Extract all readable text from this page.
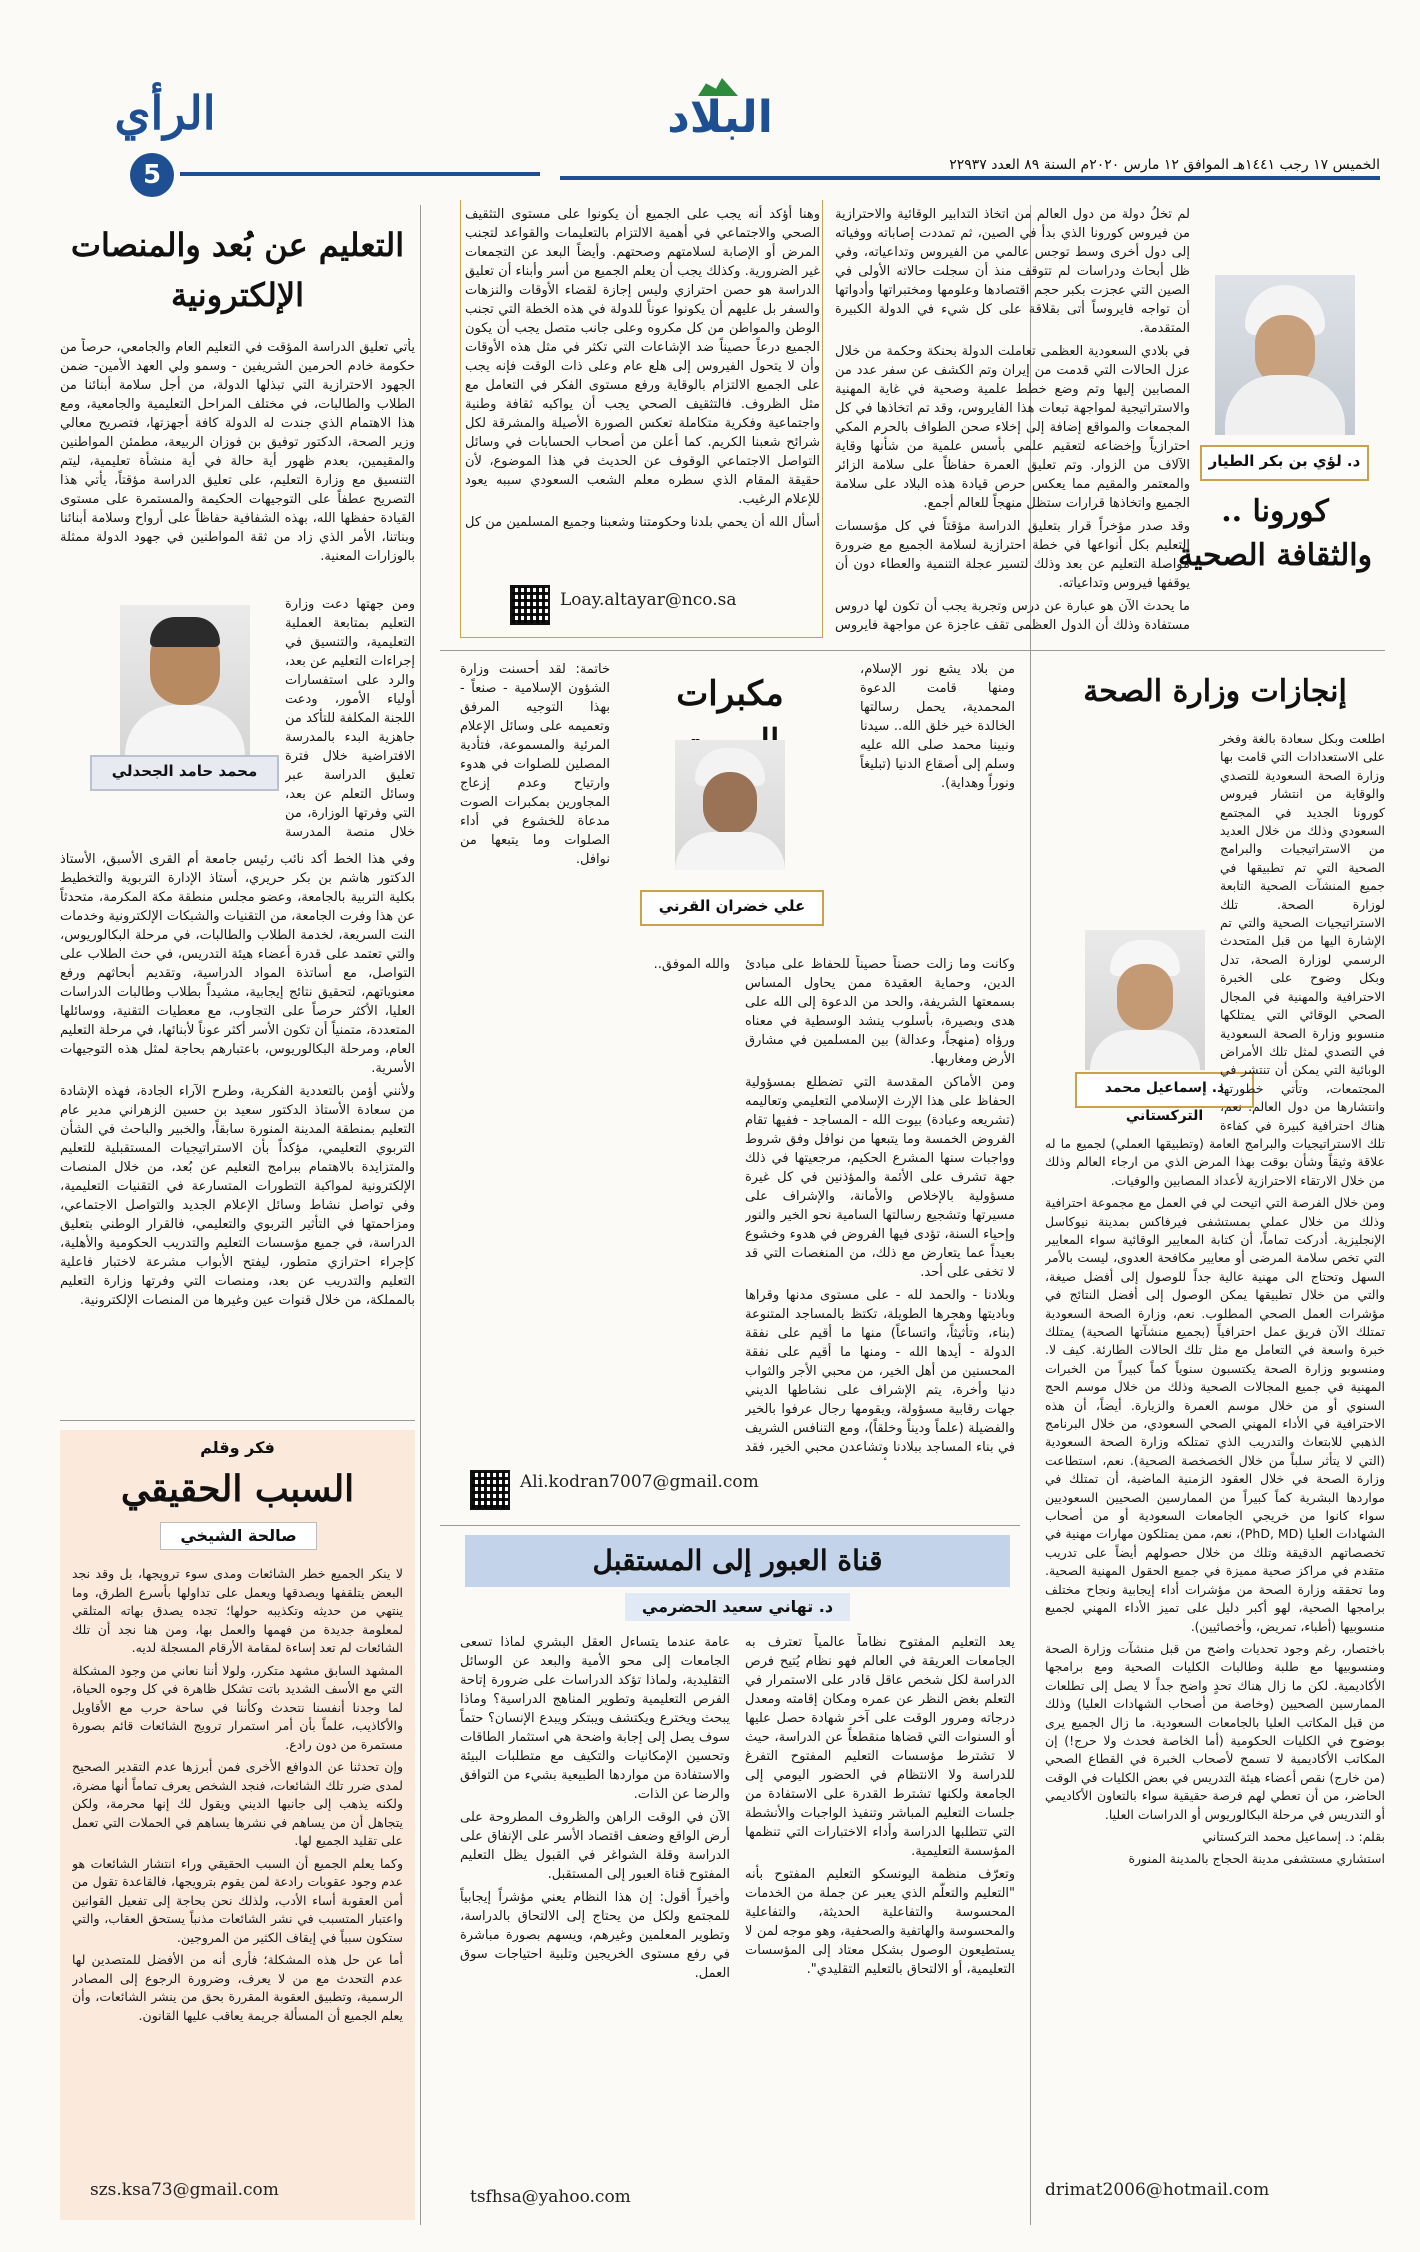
الرأي
5
البلاد
الخميس ١٧ رجب ١٤٤١هـ الموافق ١٢ مارس ٢٠٢٠م السنة ٨٩ العدد ٢٢٩٣٧
د. لؤي بن بكر الطيار
كورونا .. والثقافة الصحية

لم تخلُ دولة من دول العالم من اتخاذ التدابير الوقائية والاحترازية من فيروس كورونا الذي بدأ في الصين، ثم تمددت إصاباته ووفياته إلى دول أخرى وسط توجس عالمي من الفيروس وتداعياته، وفي ظل أبحاث ودراسات لم تتوقف منذ أن سجلت حالاته الأولى في الصين التي عجزت بكبر حجم اقتصادها وعلومها ومختبراتها وأدواتها أن تواجه فايروساً أتى بقلاقة على كل شيء في الدولة الكبيرة المتقدمة.

في بلادي السعودية العظمى تعاملت الدولة بحنكة وحكمة من خلال عزل الحالات التي قدمت من إيران وتم الكشف عن سفر عدد من المصابين إليها وتم وضع خطط علمية وصحية في غاية المهنية والاستراتيجية لمواجهة تبعات هذا الفايروس، وقد تم اتخاذها في كل المجمعات والمواقع إضافة إلى إخلاء صحن الطواف بالحرم المكي احترازياً وإخضاعه لتعقيم علمي بأسس علمية من شأنها وقاية الآلاف من الزوار. وتم تعليق العمرة حفاظاً على سلامة الزائر والمعتمر والمقيم مما يعكس حرص قيادة هذه البلاد على سلامة الجميع واتخاذها قرارات ستظل منهجاً للعالم أجمع.

وقد صدر مؤخراً قرار بتعليق الدراسة مؤقتاً في كل مؤسسات التعليم بكل أنواعها في خطة احترازية لسلامة الجميع مع ضرورة مواصلة التعليم عن بعد وذلك لتسير عجلة التنمية والعطاء دون أن يوقفها فيروس وتداعياته.

ما يحدث الآن هو عبارة عن درس وتجربة يجب أن تكون لها دروس مستفادة وذلك أن الدول العظمى تقف عاجزة عن مواجهة فايروس

وهنا أؤكد أنه يجب على الجميع أن يكونوا على مستوى التثقيف الصحي والاجتماعي في أهمية الالتزام بالتعليمات والقواعد لتجنب المرض أو الإصابة لسلامتهم وصحتهم. وأيضاً البعد عن التجمعات غير الضرورية. وكذلك يجب أن يعلم الجميع من أسر وأبناء أن تعليق الدراسة هو حصن احترازي وليس إجازة لقضاء الأوقات والنزهات والسفر بل عليهم أن يكونوا عوناً للدولة في هذه الخطة التي تجنب الوطن والمواطن من كل مكروه وعلى جانب متصل يجب أن يكون الجميع درعاً حصيناً ضد الإشاعات التي تكثر في مثل هذه الأوقات وأن لا يتحول الفيروس إلى هلع عام وعلى ذات الوقت فإنه يجب على الجميع الالتزام بالوقاية ورفع مستوى الفكر في التعامل مع مثل الظروف. فالتثقيف الصحي يجب أن يواكبه ثقافة وطنية واجتماعية وفكرية متكاملة تعكس الصورة الأصيلة والمشرقة لكل شرائح شعبنا الكريم. كما أعلن من أصحاب الحسابات في وسائل التواصل الاجتماعي الوقوف عن الحديث في هذا الموضوع، لأن حقيقة المقام الذي سطره معلم الشعب السعودي سببه يعود للإعلام الرغيب.

أسأل الله أن يحمي بلدنا وحكومتنا وشعبنا وجميع المسلمين من كل

Loay.altayar@nco.sa
التعليم عن بُعد والمنصات الإلكترونية

يأتي تعليق الدراسة المؤقت في التعليم العام والجامعي، حرصاً من حكومة خادم الحرمين الشريفين - وسمو ولي العهد الأمين- ضمن الجهود الاحترازية التي تبذلها الدولة، من أجل سلامة أبنائنا من الطلاب والطالبات، في مختلف المراحل التعليمية والجامعية، ومع هذا الاهتمام الذي جندت له الدولة كافة أجهزتها، فتصريح معالي وزير الصحة، الدكتور توفيق بن فوزان الربيعة، مطمئن المواطنين والمقيمين، بعدم ظهور أية حالة في أية منشأة تعليمية، ليتم التنسيق مع وزارة التعليم، على تعليق الدراسة مؤقتاً، يأتي هذا التصريح عطفاً على التوجيهات الحكيمة والمستمرة على مستوى القيادة حفظها الله، بهذه الشفافية حفاظاً على أرواح وسلامة أبنائنا وبناتنا، الأمر الذي زاد من ثقة المواطنين في جهود الدولة ممثلة بالوزارات المعنية.

محمد حامد الجحدلي

ومن جهتها دعت وزارة التعليم بمتابعة العملية التعليمية، والتنسيق في إجراءات التعليم عن بعد، والرد على استفسارات أولياء الأمور، ودعت اللجنة المكلفة للتأكد من جاهزية البدء بالمدرسة الافتراضية خلال فترة تعليق الدراسة عبر وسائل التعلم عن بعد، التي وفرتها الوزارة، من خلال منصة المدرسة

وفي هذا الخط أكد نائب رئيس جامعة أم القرى الأسبق، الأستاذ الدكتور هاشم بن بكر حريري، أستاذ الإدارة التربوية والتخطيط بكلية التربية بالجامعة، وعضو مجلس منطقة مكة المكرمة، متحدثاً عن هذا وفرت الجامعة، من التقنيات والشبكات الإلكترونية وخدمات النت السريعة، لخدمة الطلاب والطالبات، في مرحلة البكالوريوس، والتي تعتمد على قدرة أعضاء هيئة التدريس، في حث الطلاب على التواصل، مع أساتذة المواد الدراسية، وتقديم أبحاثهم ورفع معنوياتهم، لتحقيق نتائج إيجابية، مشيداً بطلاب وطالبات الدراسات العليا، الأكثر حرصاً على التجاوب، مع معطيات التقنية، ووسائلها المتعددة، متمنياً أن تكون الأسر أكثر عوناً لأبنائها، في مرحلة التعليم العام، ومرحلة البكالوريوس، باعتبارهم بحاجة لمثل هذه التوجيهات الأسرية.

ولأنني أؤمن بالتعددية الفكرية، وطرح الآراء الجادة، فهذه الإشادة من سعادة الأستاذ الدكتور سعيد بن حسين الزهراني مدير عام التعليم بمنطقة المدينة المنورة سابقاً، والخبير والباحث في الشأن التربوي التعليمي، مؤكداً بأن الاستراتيجيات المستقبلية للتعليم والمتزايدة بالاهتمام ببرامج التعليم عن بُعد، من خلال المنصات الإلكترونية لمواكبة التطورات المتسارعة في التقنيات التعليمية، وفي تواصل نشاط وسائل الإعلام الجديد والتواصل الاجتماعي، ومزاحمتها في التأثير التربوي والتعليمي، فالقرار الوطني بتعليق الدراسة، في جميع مؤسسات التعليم والتدريب الحكومية والأهلية، كإجراء احترازي متطور، ليفتح الأبواب مشرعة لاختبار فاعلية التعليم والتدريب عن بعد، ومنصات التي وفرتها وزارة التعليم بالمملكة، من خلال قنوات عين وغيرها من المنصات الإلكترونية.

فكر وقلم
السبب الحقيقي
صالحة الشيخي

لا ينكر الجميع خطر الشائعات ومدى سوء ترويجها، بل وقد نجد البعض يتلقفها ويصدقها ويعمل على تداولها بأسرع الطرق، وما ينتهي من حديثه وتكذيبه حولها؛ تجده يصدق بهاته المتلقي لمعلومة جديدة من فهمها والعمل بها، ومن هنا نجد أن تلك الشائعات لم تعد إساءة لمقامة الأرقام المسجلة لديه.

المشهد السابق مشهد متكرر، ولولا أننا نعاني من وجود المشكلة التي مع الأسف الشديد باتت تشكل ظاهرة في كل وجوه الحياة، لما وجدنا أنفسنا نتحدث وكأننا في ساحة حرب مع الأقاويل والأكاذيب، علماً بأن أمر استمرار ترويج الشائعات قائم بصورة مستمرة من دون رادع.

وإن تحدثنا عن الدوافع الأخرى فمن أبرزها عدم التقدير الصحيح لمدى ضرر تلك الشائعات، فنجد الشخص يعرف تماماً أنها مضرة، ولكنه يذهب إلى جانبها الديني ويقول لك إنها محرمة، ولكن يتجاهل أن من يساهم في نشرها يساهم في الحملات التي تعمل على تقليد الجميع لها.

وكما يعلم الجميع أن السبب الحقيقي وراء انتشار الشائعات هو عدم وجود عقوبات رادعة لمن يقوم بترويجها، فالقاعدة تقول من أمن العقوبة أساء الأدب، ولذلك نحن بحاجة إلى تفعيل القوانين واعتبار المتسبب في نشر الشائعات مذنباً يستحق العقاب، والتي ستكون سبباً في إيقاف الكثير من المروجين.

أما عن حل هذه المشكلة؛ فأرى أنه من الأفضل للمتصدين لها عدم التحدث مع من لا يعرف، وضرورة الرجوع إلى المصادر الرسمية، وتطبيق العقوبة المقررة بحق من ينشر الشائعات، وأن يعلم الجميع أن المسألة جريمة يعاقب عليها القانون.

szs.ksa73@gmail.com
مكبرات
علي خضران القرني

من بلاد يشع نور الإسلام، ومنها قامت الدعوة المحمدية، يحمل رسالتها الخالدة خير خلق الله.. سيدنا ونبينا محمد صلى الله عليه وسلم إلى أصقاع الدنيا (تبليغاً ونوراً وهداية).

خاتمة: لقد أحسنت وزارة الشؤون الإسلامية - صنعاً - بهذا التوجيه المرفق وتعميمه على وسائل الإعلام المرئية والمسموعة، فتأدية المصلين للصلوات في هدوء وارتياح وعدم إزعاج المجاورين بمكبرات الصوت مدعاة للخشوع في أداء الصلوات وما يتبعها من نوافل.

وكانت وما زالت حصناً حصيناً للحفاظ على مبادئ الدين، وحماية العقيدة ممن يحاول المساس بسمعتها الشريفة، والحد من الدعوة إلى الله على هدى وبصيرة، بأسلوب ينشد الوسطية في معناه ورؤاه (منهجاً، وعدالة) بين المسلمين في مشارق الأرض ومغاربها.

ومن الأماكن المقدسة التي تضطلع بمسؤولية الحفاظ على هذا الإرث الإسلامي التعليمي وتعاليمه (تشريعه وعبادة) بيوت الله - المساجد - ففيها تقام الفروض الخمسة وما يتبعها من نوافل وفق شروط وواجبات سنها المشرع الحكيم، مرجعيتها في ذلك جهة تشرف على الأئمة والمؤذنين في كل غيرة مسؤولية بالإخلاص والأمانة، والإشراف على مسيرتها وتشجيع رسالتها السامية نحو الخير والنور وإحياء السنة، تؤدى فيها الفروض في هدوء وخشوع بعيداً عما يتعارض مع ذلك، من المنغصات التي قد لا تخفى على أحد.

وبلادنا - والحمد لله - على مستوى مدنها وقراها وباديتها وهجرها الطويلة، تكتظ بالمساجد المتنوعة (بناء، وتأثيثاً، واتساعاً) منها ما أقيم على نفقة الدولة - أيدها الله - ومنها ما أقيم على نفقة المحسنين من أهل الخير، من محبي الأجر والثواب دنيا وأخرة، يتم الإشراف على نشاطها الديني جهات رقابية مسؤولة، ويقومها رجال عرفوا بالخير والفضيلة (علماً وديناً وخلقاً)، ومع التنافس الشريف في بناء المساجد ببلادنا وتشاعدن محبي الخير، فقد

والله الموفق..

Ali.kodran7007@gmail.com
قناة العبور إلى المستقبل
د. تهاني سعيد الحضرمي

يعد التعليم المفتوح نظاماً عالمياً تعترف به الجامعات العريقة في العالم فهو نظام يُتيح فرص الدراسة لكل شخص عاقل قادر على الاستمرار في التعلم بغض النظر عن عمره ومكان إقامته ومعدل درجاته ومرور الوقت على آخر شهادة حصل عليها أو السنوات التي قضاها منقطعاً عن الدراسة، حيث لا تشترط مؤسسات التعليم المفتوح التفرغ للدراسة ولا الانتظام في الحضور اليومي إلى الجامعة ولكنها تشترط القدرة على الاستفادة من جلسات التعليم المباشر وتنفيذ الواجبات والأنشطة التي تتطلبها الدراسة وأداء الاختبارات التي تنظمها المؤسسة التعليمية.

وتعرّف منظمة اليونسكو التعليم المفتوح بأنه "التعليم والتعلّم الذي يعبر عن جملة من الخدمات المحسوسة والتفاعلية الحديثة، والتفاعلية والمحسوسة والهاتفية والصحفية، وهو موجه لمن لا يستطيعون الوصول بشكل معتاد إلى المؤسسات التعليمية، أو الالتحاق بالتعليم التقليدي".

عامة عندما يتساءل العقل البشري لماذا تسعى الجامعات إلى محو الأمية والبعد عن الوسائل التقليدية، ولماذا تؤكد الدراسات على ضرورة إتاحة الفرص التعليمية وتطوير المناهج الدراسية؟ وماذا يبحث ويخترع ويكتشف ويبتكر ويبدع الإنسان؟ حتماً سوف يصل إلى إجابة واضحة هي استثمار الطاقات وتحسين الإمكانيات والتكيف مع متطلبات البيئة والاستفادة من مواردها الطبيعية بشيء من التوافق والرضا عن الذات.

الآن في الوقت الراهن والظروف المطروحة على أرض الواقع وضعف اقتصاد الأسر على الإنفاق على الدراسة وقلة الشواغر في القبول يظل التعليم المفتوح قناة العبور إلى المستقبل.

وأخيراً أقول: إن هذا النظام يعني مؤشراً إيجابياً للمجتمع ولكل من يحتاج إلى الالتحاق بالدراسة، وتطوير المعلمين وغيرهم، ويسهم بصورة مباشرة في رفع مستوى الخريجين وتلبية احتياجات سوق العمل.

tsfhsa@yahoo.com
إنجازات وزارة الصحة
د. إسماعيل محمد التركستاني

اطلعت وبكل سعادة بالغة وفخر على الاستعدادات التي قامت بها وزارة الصحة السعودية للتصدي والوقاية من انتشار فيروس كورونا الجديد في المجتمع السعودي وذلك من خلال العديد من الاستراتيجيات والبرامج الصحية التي تم تطبيقها في جميع المنشآت الصحية التابعة لوزارة الصحة. تلك الاستراتيجيات الصحية والتي تم الإشارة اليها من قبل المتحدث الرسمي لوزارة الصحة، تدل وبكل وضوح على الخبرة الاحترافية والمهنية في المجال الصحي الوقائي التي يمتلكها منسوبو وزارة الصحة السعودية في التصدي لمثل تلك الأمراض الوبائية التي يمكن أن تنتشر في المجتمعات، وتأتي خطورتها وانتشارها من دول العالم. نعم، هناك احترافية كبيرة في كفاءة تلك الاستراتيجيات والبرامج العامة (وتطبيقها العملي) لجميع ما له علاقة وثيقاً وشأن بوقت بهذا المرض الذي من ارجاء العالم وذلك من خلال الارتقاء الاحترازية لأعداد المصابين والوفيات.

ومن خلال الفرصة التي اتيحت لي في العمل مع مجموعة احترافية وذلك من خلال عملي بمستشفى فيرفاكس بمدينة نيوكاسل الإنجليزية. أدركت تماماً، أن كتابة المعايير الوقائية سواء المعايير التي تخص سلامة المرضى أو معايير مكافحة العدوى، ليست بالأمر السهل وتحتاج الى مهنية عالية جداً للوصول إلى أفضل صيغة، والتي من خلال تطبيقها يمكن الوصول إلى أفضل النتائج في مؤشرات العمل الصحي المطلوب. نعم، وزارة الصحة السعودية تمتلك الآن فريق عمل احترافياً (بجميع منشآتها الصحية) يمتلك خبرة واسعة في التعامل مع مثل تلك الحالات الطارئة. كيف لا. ومنسوبو وزارة الصحة يكتسبون سنوياً كماً كبيراً من الخبرات المهنية في جميع المجالات الصحية وذلك من خلال موسم الحج السنوي أو من خلال موسم العمرة والزيارة. أيضاً، أن هذه الاحترافية في الأداء المهني الصحي السعودي، من خلال البرنامج الذهبي للابتعاث والتدريب الذي تمتلكه وزارة الصحة السعودية (التي لا يتأثر سلباً من خلال الخصخصة الصحية). نعم، استطاعت وزارة الصحة في خلال العقود الزمنية الماضية، أن تمتلك في مواردها البشرية كماً كبيراً من الممارسين الصحيين السعوديين سواء كانوا من خريجي الجامعات السعودية أو من أصحاب الشهادات العليا (PhD, MD)، نعم، ممن يمتلكون مهارات مهنية في تخصصاتهم الدقيقة وتلك من خلال حصولهم أيضاً على تدريب متقدم في مراكز صحية مميزة في جميع الحقول المهنية الصحية. وما تحققه وزارة الصحة من مؤشرات أداء إيجابية ونجاح مختلف برامجها الصحية، لهو أكبر دليل على تميز الأداء المهني لجميع منسوبيها (أطباء، تمريض، وأخصائيين).

باختصار، رغم وجود تحديات واضح من قبل منشآت وزارة الصحة ومنسوبيها مع طلبة وطالبات الكليات الصحية ومع برامجها الأكاديمية. لكن ما زال هناك تحدٍ واضح جداً لا يصل إلى تطلعات الممارسين الصحيين (وخاصة من أصحاب الشهادات العليا) وذلك من قبل المكاتب العليا بالجامعات السعودية. ما زال الجميع يرى بوضوح في الكليات الحكومية (أما الخاصة فحدث ولا حرج!) إن المكاتب الأكاديمية لا تسمح لأصحاب الخبرة في القطاع الصحي (من خارج) نقص أعضاء هيئة التدريس في بعض الكليات في الوقت الحاضر، من أن تعطي لهم فرصة حقيقية سواء بالتعاون الأكاديمي أو التدريس في مرحلة البكالوريوس أو الدراسات العليا.

بقلم: د. إسماعيل محمد التركستاني

استشاري مستشفى مدينة الحجاج بالمدينة المنورة

drimat2006@hotmail.com
